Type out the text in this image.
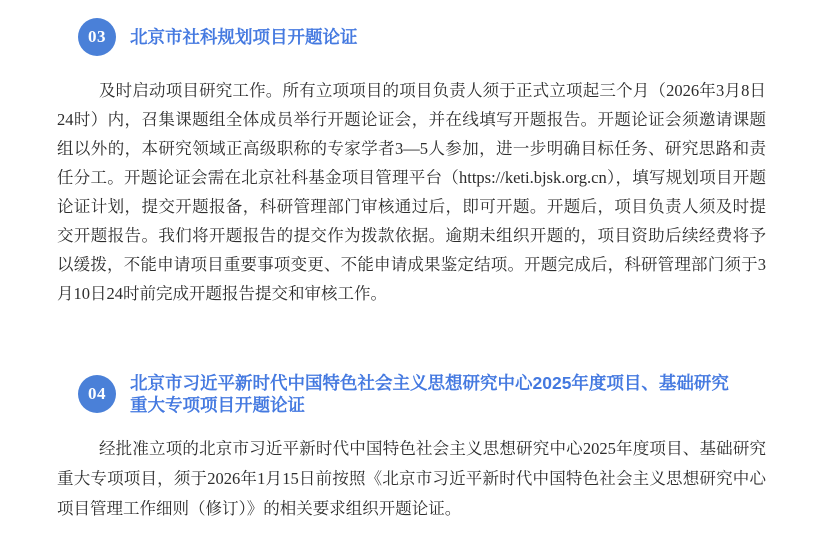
03	北京市社科规划项目开题论证

及时启动项目研究工作。所有立项项目的项目负责人须于正式立项起三个月（2026年3月8日24时）内，召集课题组全体成员举行开题论证会，并在线填写开题报告。开题论证会须邀请课题组以外的，本研究领域正高级职称的专家学者3—5人参加，进一步明确目标任务、研究思路和责任分工。开题论证会需在北京社科基金项目管理平台（https://keti.bjsk.org.cn），填写规划项目开题论证计划，提交开题报备，科研管理部门审核通过后，即可开题。开题后，项目负责人须及时提交开题报告。我们将开题报告的提交作为拨款依据。逾期未组织开题的，项目资助后续经费将予以缓拨，不能申请项目重要事项变更、不能申请成果鉴定结项。开题完成后，科研管理部门须于3月10日24时前完成开题报告提交和审核工作。

04
北京市习近平新时代中国特色社会主义思想研究中心2025年度项目、基础研究重大专项项目开题论证

经批准立项的北京市习近平新时代中国特色社会主义思想研究中心2025年度项目、基础研究重大专项项目，须于2026年1月15日前按照《北京市习近平新时代中国特色社会主义思想研究中心项目管理工作细则（修订）》的相关要求组织开题论证。
